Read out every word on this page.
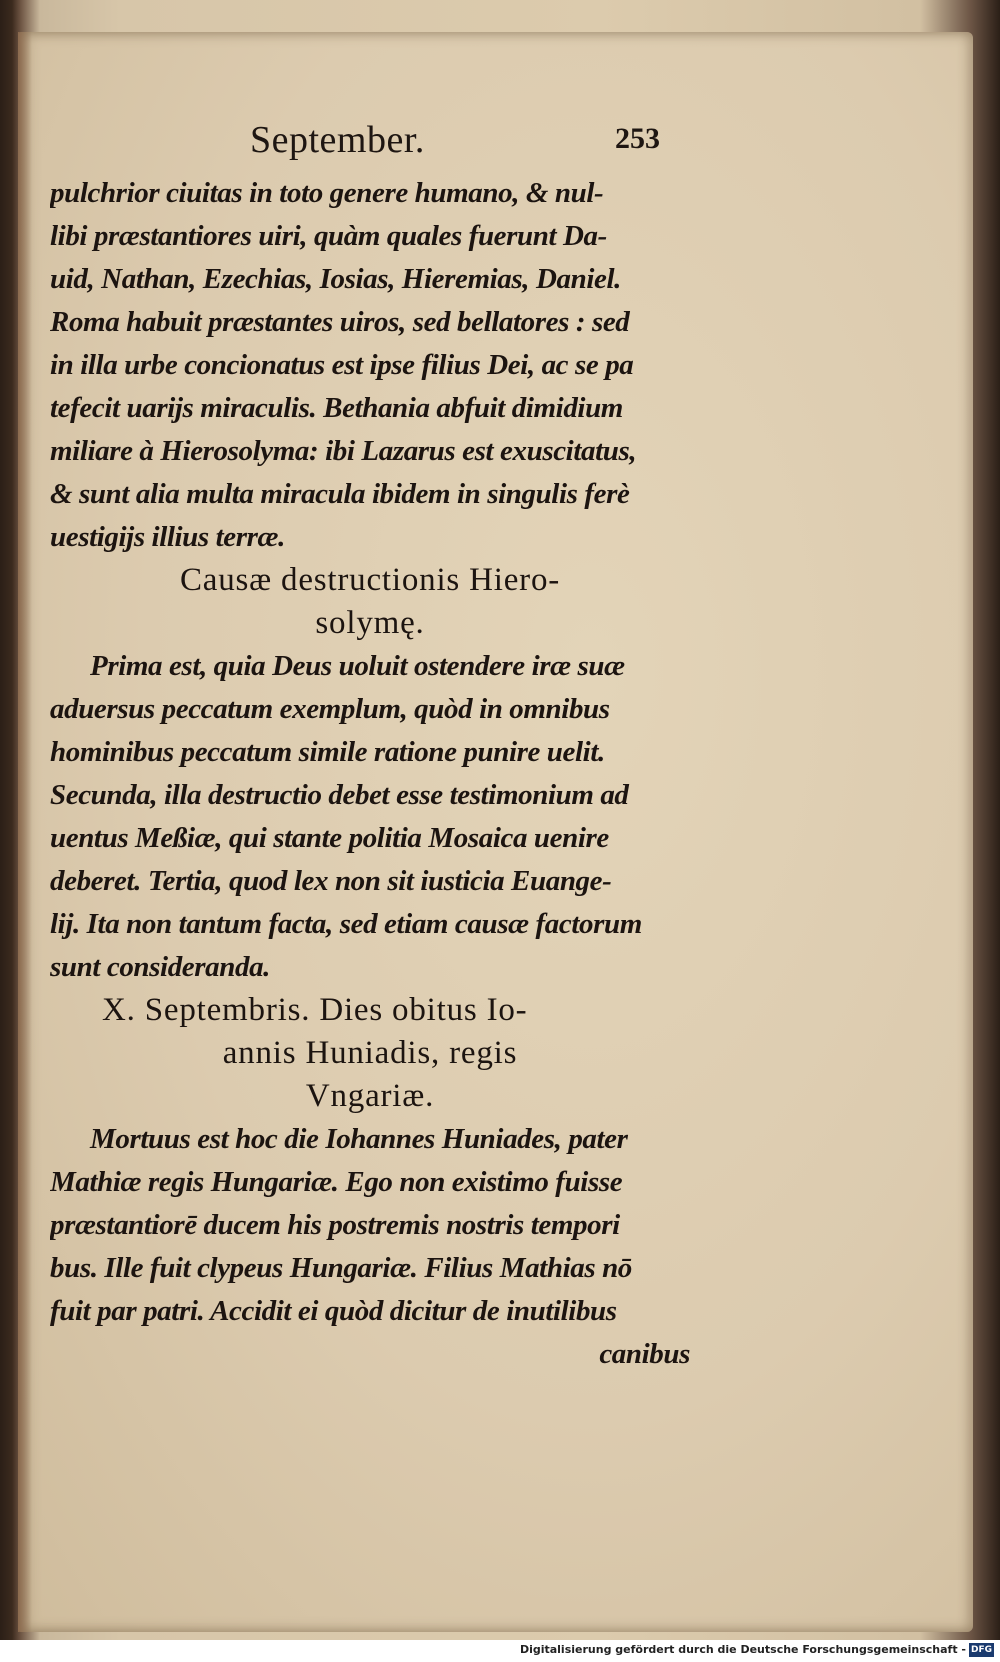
September.	253
pulchrior ciuitas in toto genere humano, & nul-
libi præstantiores uiri, quàm quales fuerunt Da-
uid, Nathan, Ezechias, Iosias, Hieremias, Daniel.
Roma habuit præstantes uiros, sed bellatores : sed
in illa urbe concionatus est ipse filius Dei, ac se pa
tefecit uarijs miraculis. Bethania abfuit dimidium
miliare à Hierosolyma: ibi Lazarus est exuscitatus,
& sunt alia multa miracula ibidem in singulis ferè
uestigijs illius terræ.
Causæ destructionis Hiero-
solymę.
Prima est, quia Deus uoluit ostendere iræ suæ
aduersus peccatum exemplum, quòd in omnibus
hominibus peccatum simile ratione punire uelit.
Secunda, illa destructio debet esse testimonium ad
uentus Meßiæ, qui stante politia Mosaica uenire
deberet. Tertia, quod lex non sit iusticia Euange-
lij. Ita non tantum facta, sed etiam causæ factorum
sunt consideranda.
X. Septembris. Dies obitus Io-
annis Huniadis, regis
Vngariæ.
Mortuus est hoc die Iohannes Huniades, pater
Mathiæ regis Hungariæ. Ego non existimo fuisse
præstantiorē ducem his postremis nostris tempori
bus. Ille fuit clypeus Hungariæ. Filius Mathias nō
fuit par patri. Accidit ei quòd dicitur de inutilibus
canibus
Digitalisierung gefördert durch die Deutsche Forschungsgemeinschaft - DFG
